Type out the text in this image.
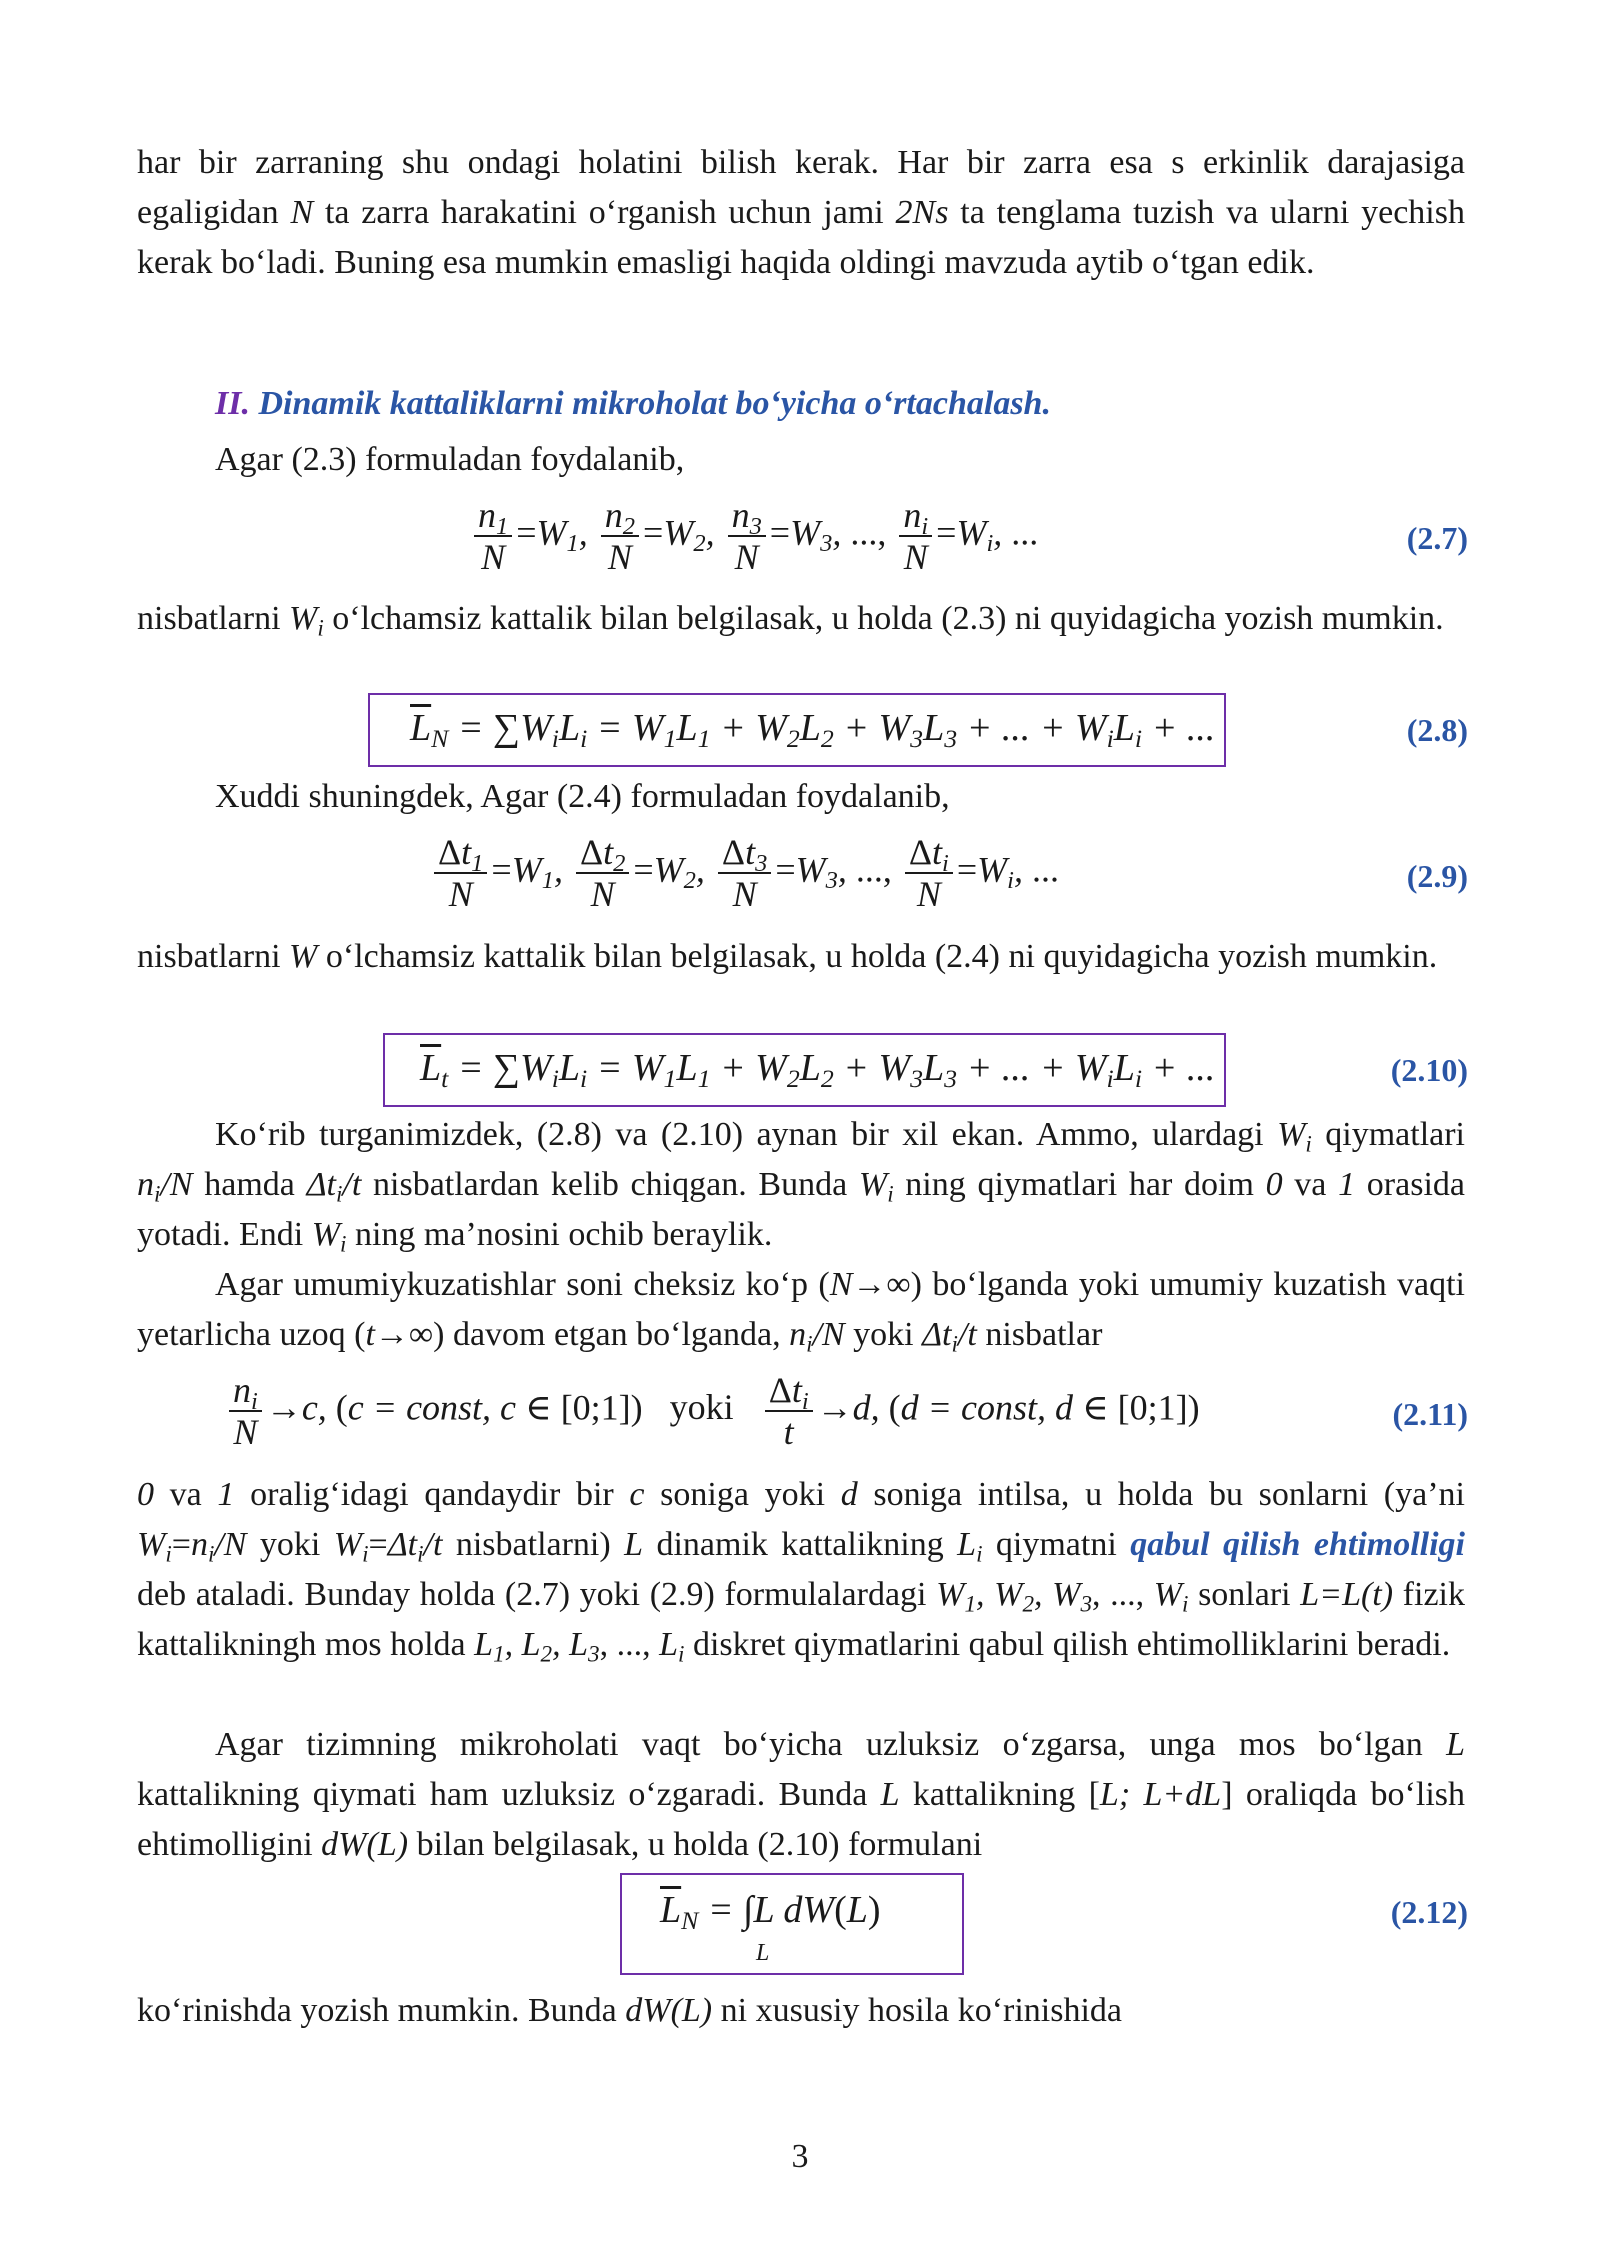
har bir zarraning shu ondagi holatini bilish kerak. Har bir zarra esa s erkinlik darajasiga egaligidan N ta zarra harakatini o‘rganish uchun jami 2Ns ta tenglama tuzish va ularni yechish kerak bo‘ladi. Buning esa mumkin emasligi haqida oldingi mavzuda aytib o‘tgan edik.

II. Dinamik kattaliklarni mikroholat bo‘yicha o‘rtachalash.

Agar (2.3) formuladan foydalanib,

$\frac{n_1}{N} =W_1$, $\frac{n_2}{N} =W_2$, $\frac{n_3}{N} =W_3$, ..., $\frac{n_i}{N} =W_i$, ...	(2.7)

nisbatlarni $W_i$ o‘lchamsiz kattalik bilan belgilasak, u holda (2.3) ni quyidagicha yozish mumkin.

$\overline{L}_N = \sum W_iL_i = W_1L_1 + W_2L_2 + W_3L_3$ + ... + $W_iL_i$ + ...	(2.8)

Xuddi shuningdek, Agar (2.4) formuladan foydalanib,

$\frac{\Delta t_1}{N} =W_1$, $\frac{\Delta t_2}{N} =W_2$, $\frac{\Delta t_3}{N} =W_3$, ..., $\frac{\Delta t_i}{N} =W_i$, ...	(2.9)

nisbatlarni W o‘lchamsiz kattalik bilan belgilasak, u holda (2.4) ni quyidagicha yozish mumkin.

$\overline{L}_t = \sum W_iL_i = W_1L_1 + W_2L_2 + W_3L_3$ + ... + $W_iL_i$ + ...	(2.10)

Ko‘rib turganimizdek, (2.8) va (2.10) aynan bir xil ekan. Ammo, ulardagi $W_i$ qiymatlari $n_i/N$ hamda $\Delta t_i/t$ nisbatlardan kelib chiqgan. Bunda $W_i$ ning qiymatlari har doim 0 va 1 orasida yotadi. Endi $W_i$ ning ma’nosini ochib beraylik.

Agar umumiykuzatishlar soni cheksiz ko‘p (N→∞) bo‘lganda yoki umumiy kuzatish vaqti yetarlicha uzoq (t→∞) davom etgan bo‘lganda, $n_i/N$ yoki $\Delta t_i/t$ nisbatlar

$\frac{n_i}{N} \to c$, (c = const, c ∈ [0;1]) yoki $\frac{\Delta t_i}{t} \to d$, (d = const, d ∈ [0;1])	(2.11)

0 va 1 oralig‘idagi qandaydir bir c soniga yoki d soniga intilsa, u holda bu sonlarni (ya’ni $W_i=n_i/N$ yoki $W_i=\Delta t_i/t$ nisbatlarni) L dinamik kattalikning $L_i$ qiymatni qabul qilish ehtimolligi deb ataladi. Bunday holda (2.7) yoki (2.9) formulalardagi $W_1$, $W_2$, $W_3$, ..., $W_i$ sonlari L=L(t) fizik kattalikningh mos holda $L_1$, $L_2$, $L_3$, ..., $L_i$ diskret qiymatlarini qabul qilish ehtimolliklarini beradi.

Agar tizimning mikroholati vaqt bo‘yicha uzluksiz o‘zgarsa, unga mos bo‘lgan L kattalikning qiymati ham uzluksiz o‘zgaradi. Bunda L kattalikning [L; L+dL] oraliqda bo‘lish ehtimolligini dW(L) bilan belgilasak, u holda (2.10) formulani

$\overline{L}_N = \int L$ dW(L)
L
(2.12)

ko‘rinishda yozish mumkin. Bunda dW(L) ni xususiy hosila ko‘rinishida

3
